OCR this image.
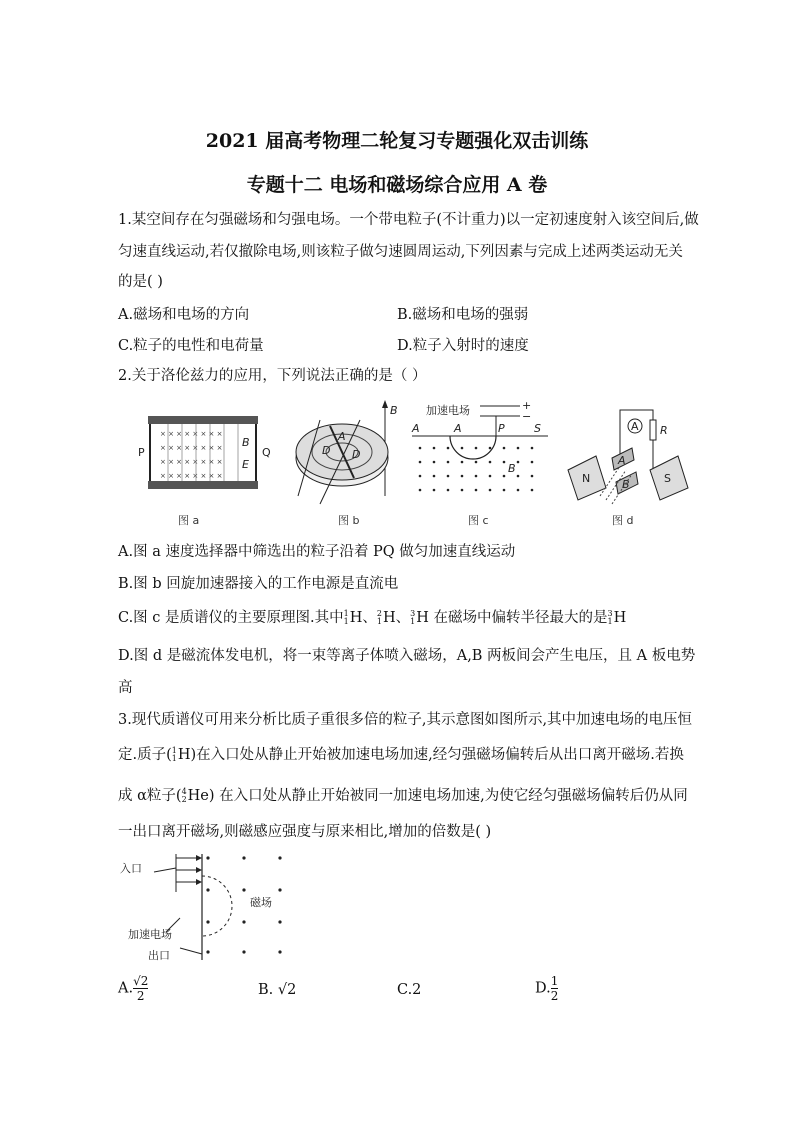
2021 届高考物理二轮复习专题强化双击训练
专题十二 电场和磁场综合应用 A 卷
1.某空间存在匀强磁场和匀强电场。一个带电粒子(不计重力)以一定初速度射入该空间后,做
匀速直线运动,若仅撤除电场,则该粒子做匀速圆周运动,下列因素与完成上述两类运动无关
的是( )
A.磁场和电场的方向	B.磁场和电场的强弱
C.粒子的电性和电荷量	D.粒子入射时的速度
2.关于洛伦兹力的应用，下列说法正确的是（ ）
× × × × × × × ×
× × × × × × × ×
× × × × × × × ×
× × × × × × × ×
P	Q
B
E
图 a
B
A
D D
图 b
加速电场	+
−
A	A	P	S
B
图 c
A R
N	S
A
B
图 d
A.图 a 速度选择器中筛选出的粒子沿着 PQ 做匀加速直线运动
B.图 b 回旋加速器接入的工作电源是直流电
C.图 c 是质谱仪的主要原理图.其中 1
1 H、 2
1 H、 3
1 H 在磁场中偏转半径最大的是 3
1 H
D.图 d 是磁流体发电机，将一束等离子体喷入磁场，A,B 两板间会产生电压，且 A 板电势
高
3.现代质谱仪可用来分析比质子重很多倍的粒子,其示意图如图所示,其中加速电场的电压恒
定.质子( 1
1 H)在入口处从静止开始被加速电场加速,经匀强磁场偏转后从出口离开磁场.若换
成 α粒子( 4
2 He) 在入口处从静止开始被同一加速电场加速,为使它经匀强磁场偏转后仍从同
一出口离开磁场,则磁感应强度与原来相比,增加的倍数是( )
入口
磁场
加速电场
出口
A. $\frac{√2}{2}$	B. √2	C.2	D. $\frac{1}{2}$
